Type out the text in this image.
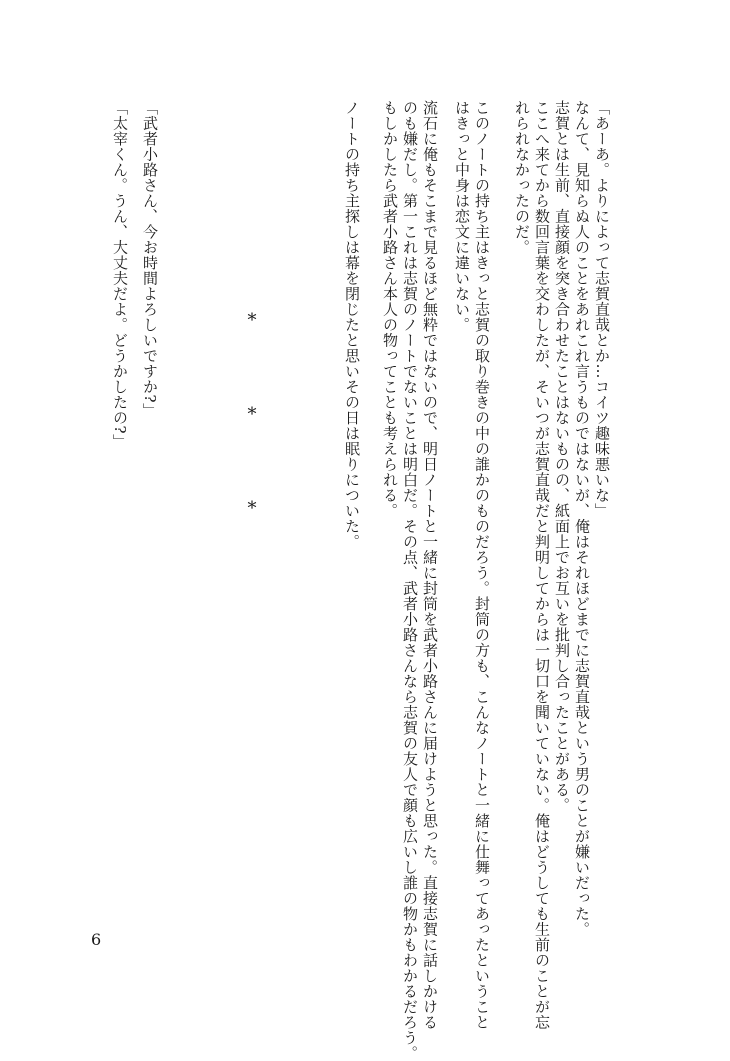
「あーあ。よりによって志賀直哉とか…コイツ趣味悪いな」
なんて、見知らぬ人のことをあれこれ言うものではないが、俺はそれほどまでに志賀直哉という男のことが嫌いだった。
志賀とは生前、直接顔を突き合わせたことはないものの、紙面上でお互いを批判し合ったことがある。
ここへ来てから数回言葉を交わしたが、そいつが志賀直哉だと判明してからは一切口を聞いていない。俺はどうしても生前のことが忘
れられなかったのだ。
このノートの持ち主はきっと志賀の取り巻きの中の誰かのものだろう。封筒の方も、こんなノートと一緒に仕舞ってあったということ
はきっと中身は恋文に違いない。
流石に俺もそこまで見るほど無粋ではないので、明日ノートと一緒に封筒を武者小路さんに届けようと思った。直接志賀に話しかける
のも嫌だし。第一これは志賀のノートでないことは明白だ。その点、武者小路さんなら志賀の友人で顔も広いし誰の物かもわかるだろう。
もしかしたら武者小路さん本人の物ってことも考えられる。
ノートの持ち主探しは幕を閉じたと思いその日は眠りについた。
*
*
*
「武者小路さん、今お時間よろしいですか?」
「太宰くん。うん、大丈夫だよ。どうかしたの?」
6
